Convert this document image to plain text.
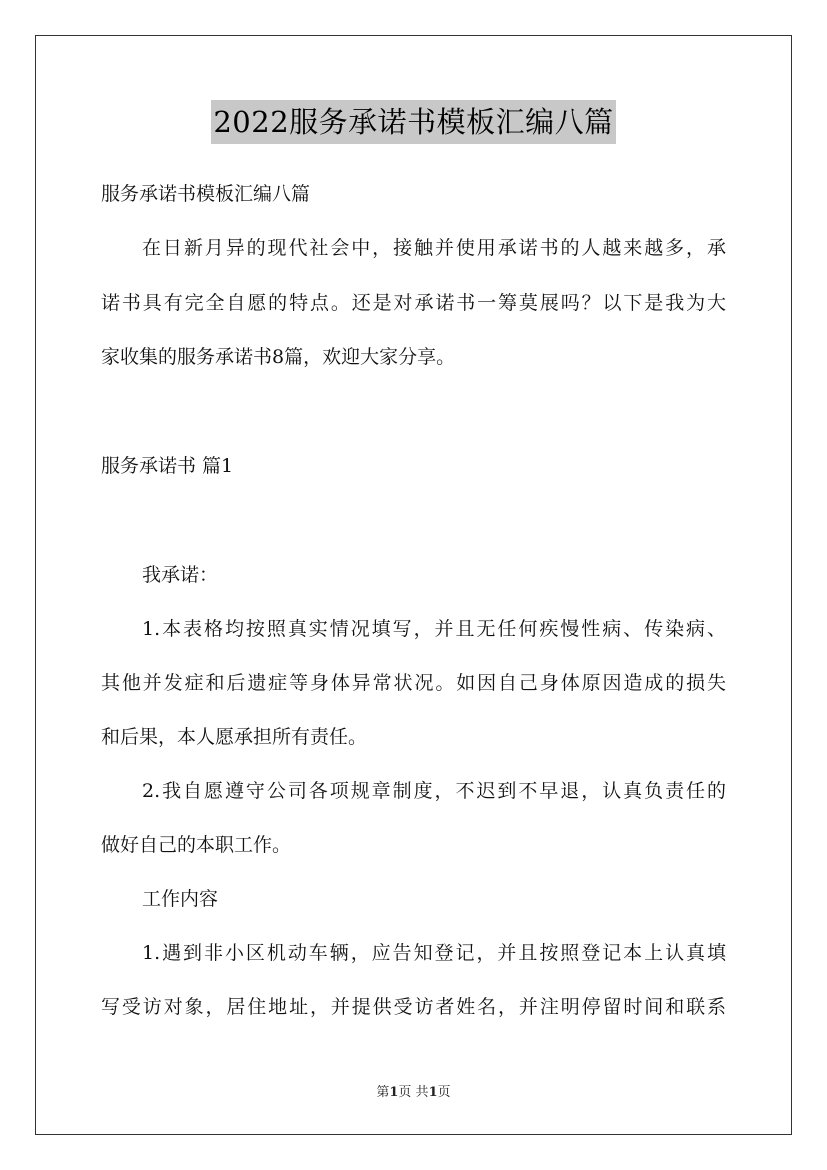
2022服务承诺书模板汇编八篇
服务承诺书模板汇编八篇
在日新月异的现代社会中，接触并使用承诺书的人越来越多，承
诺书具有完全自愿的特点。还是对承诺书一筹莫展吗？以下是我为大
家收集的服务承诺书8篇，欢迎大家分享。
服务承诺书 篇1
我承诺：
1.本表格均按照真实情况填写，并且无任何疾慢性病、传染病、
其他并发症和后遗症等身体异常状况。如因自己身体原因造成的损失
和后果，本人愿承担所有责任。
2.我自愿遵守公司各项规章制度，不迟到不早退，认真负责任的
做好自己的本职工作。
工作内容
1.遇到非小区机动车辆，应告知登记，并且按照登记本上认真填
写受访对象，居住地址，并提供受访者姓名，并注明停留时间和联系
第1页 共1页
